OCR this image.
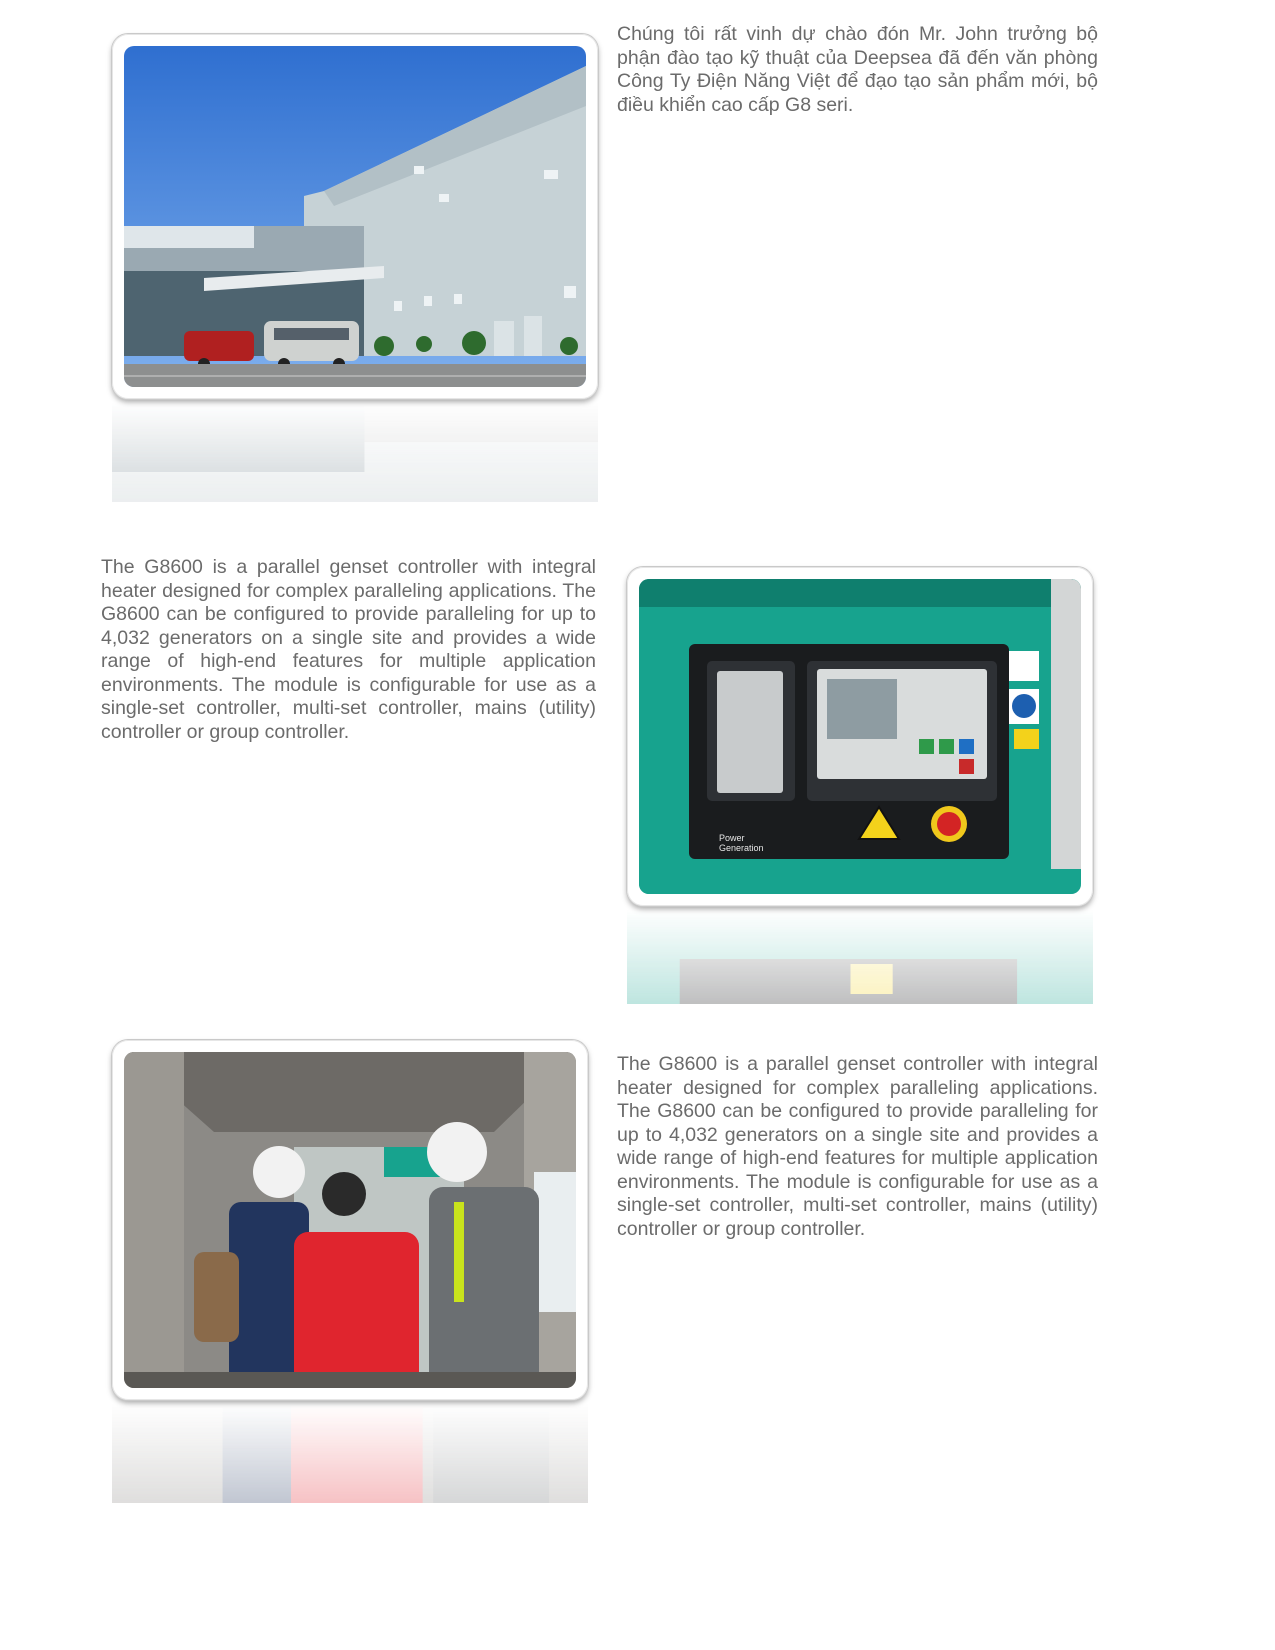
Chúng tôi rất vinh dự chào đón Mr. John trưởng bộ phận đào tạo kỹ thuật của Deepsea đã đến văn phòng Công Ty Điện Năng Việt để đạo tạo sản phẩm mới, bộ điều khiển cao cấp G8 seri.

The G8600 is a parallel genset controller with integral heater designed for complex paralleling applications. The G8600 can be configured to provide paralleling for up to 4,032 generators on a single site and provides a wide range of high-end features for multiple application environments. The module is configurable for use as a single-set controller, multi-set controller, mains (utility) controller or group controller.

Power
Generation

The G8600 is a parallel genset controller with integral heater designed for complex paralleling applications. The G8600 can be configured to provide paralleling for up to 4,032 generators on a single site and provides a wide range of high-end features for multiple application environments. The module is configurable for use as a single-set controller, multi-set controller, mains (utility) controller or group controller.
